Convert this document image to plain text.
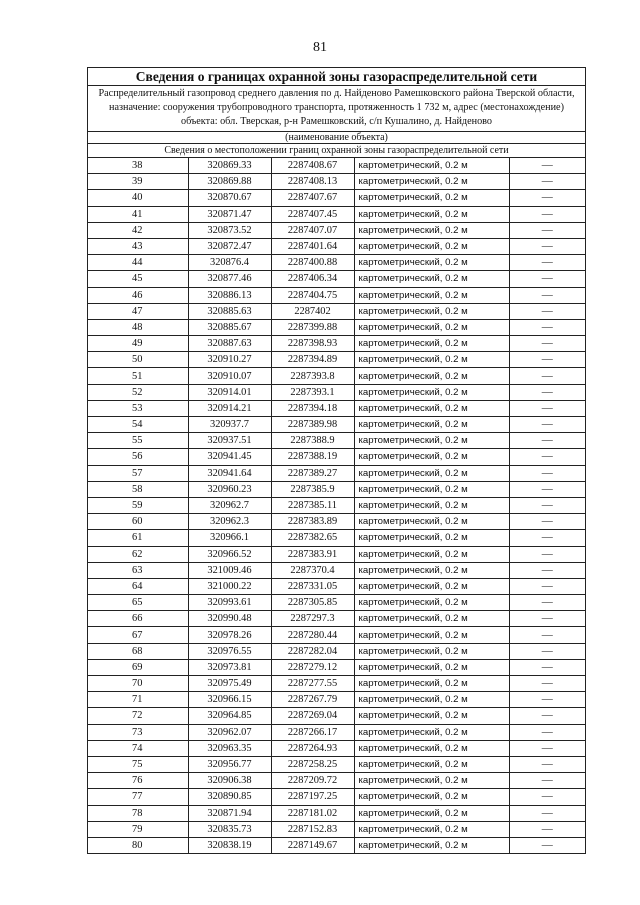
81
Сведения о границах охранной зоны газораспределительной сети
Распределительный газопровод среднего давления по д. Найденово Рамешковского района Тверской области, назначение: сооружения трубопроводного транспорта, протяженность 1 732 м, адрес (местонахождение) объекта: обл. Тверская, р-н Рамешковский, с/п Кушалино, д. Найденово
(наименование объекта)
Сведения о местоположении границ охранной зоны газораспределительной сети
38	320869.33	2287408.67	картометрический, 0.2 м	—
39	320869.88	2287408.13	картометрический, 0.2 м	—
40	320870.67	2287407.67	картометрический, 0.2 м	—
41	320871.47	2287407.45	картометрический, 0.2 м	—
42	320873.52	2287407.07	картометрический, 0.2 м	—
43	320872.47	2287401.64	картометрический, 0.2 м	—
44	320876.4	2287400.88	картометрический, 0.2 м	—
45	320877.46	2287406.34	картометрический, 0.2 м	—
46	320886.13	2287404.75	картометрический, 0.2 м	—
47	320885.63	2287402	картометрический, 0.2 м	—
48	320885.67	2287399.88	картометрический, 0.2 м	—
49	320887.63	2287398.93	картометрический, 0.2 м	—
50	320910.27	2287394.89	картометрический, 0.2 м	—
51	320910.07	2287393.8	картометрический, 0.2 м	—
52	320914.01	2287393.1	картометрический, 0.2 м	—
53	320914.21	2287394.18	картометрический, 0.2 м	—
54	320937.7	2287389.98	картометрический, 0.2 м	—
55	320937.51	2287388.9	картометрический, 0.2 м	—
56	320941.45	2287388.19	картометрический, 0.2 м	—
57	320941.64	2287389.27	картометрический, 0.2 м	—
58	320960.23	2287385.9	картометрический, 0.2 м	—
59	320962.7	2287385.11	картометрический, 0.2 м	—
60	320962.3	2287383.89	картометрический, 0.2 м	—
61	320966.1	2287382.65	картометрический, 0.2 м	—
62	320966.52	2287383.91	картометрический, 0.2 м	—
63	321009.46	2287370.4	картометрический, 0.2 м	—
64	321000.22	2287331.05	картометрический, 0.2 м	—
65	320993.61	2287305.85	картометрический, 0.2 м	—
66	320990.48	2287297.3	картометрический, 0.2 м	—
67	320978.26	2287280.44	картометрический, 0.2 м	—
68	320976.55	2287282.04	картометрический, 0.2 м	—
69	320973.81	2287279.12	картометрический, 0.2 м	—
70	320975.49	2287277.55	картометрический, 0.2 м	—
71	320966.15	2287267.79	картометрический, 0.2 м	—
72	320964.85	2287269.04	картометрический, 0.2 м	—
73	320962.07	2287266.17	картометрический, 0.2 м	—
74	320963.35	2287264.93	картометрический, 0.2 м	—
75	320956.77	2287258.25	картометрический, 0.2 м	—
76	320906.38	2287209.72	картометрический, 0.2 м	—
77	320890.85	2287197.25	картометрический, 0.2 м	—
78	320871.94	2287181.02	картометрический, 0.2 м	—
79	320835.73	2287152.83	картометрический, 0.2 м	—
80	320838.19	2287149.67	картометрический, 0.2 м	—
